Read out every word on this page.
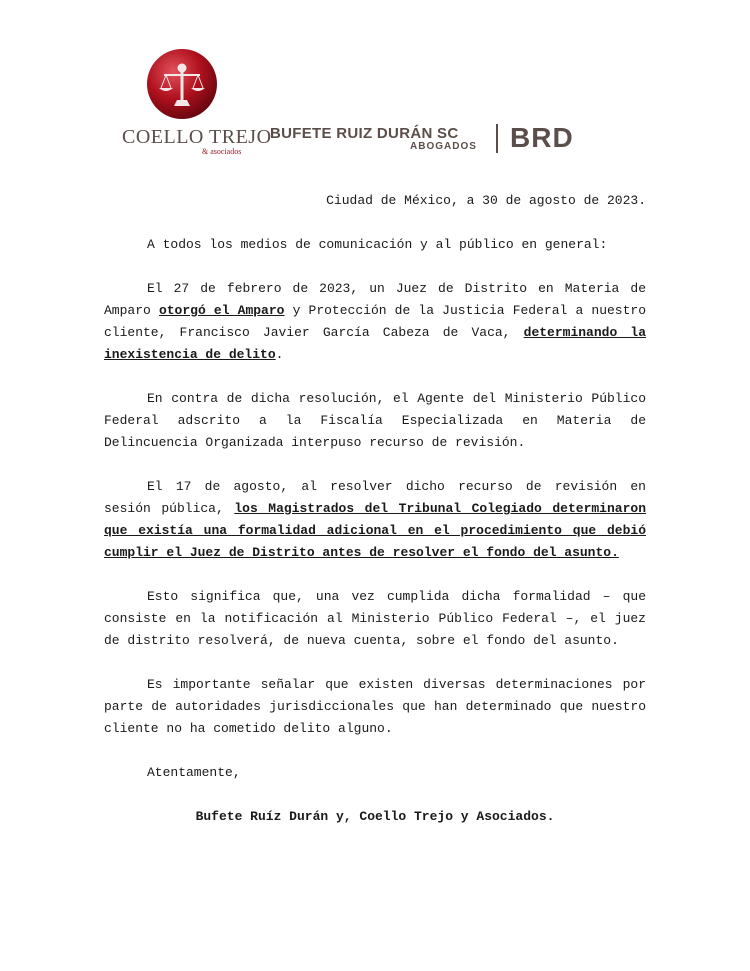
COELLO TREJO
& asociados
BUFETE RUIZ DURÁN SC
ABOGADOS BRD

Ciudad de México, a 30 de agosto de 2023.

A todos los medios de comunicación y al público en general:

El 27 de febrero de 2023, un Juez de Distrito en Materia de Amparo otorgó el Amparo y Protección de la Justicia Federal a nuestro cliente, Francisco Javier García Cabeza de Vaca, determinando la inexistencia de delito.

En contra de dicha resolución, el Agente del Ministerio Público Federal adscrito a la Fiscalía Especializada en Materia de Delincuencia Organizada interpuso recurso de revisión.

El 17 de agosto, al resolver dicho recurso de revisión en sesión pública, los Magistrados del Tribunal Colegiado determinaron que existía una formalidad adicional en el procedimiento que debió cumplir el Juez de Distrito antes de resolver el fondo del asunto.

Esto significa que, una vez cumplida dicha formalidad – que consiste en la notificación al Ministerio Público Federal –, el juez de distrito resolverá, de nueva cuenta, sobre el fondo del asunto.

Es importante señalar que existen diversas determinaciones por parte de autoridades jurisdiccionales que han determinado que nuestro cliente no ha cometido delito alguno.

Atentamente,

Bufete Ruíz Durán y, Coello Trejo y Asociados.
